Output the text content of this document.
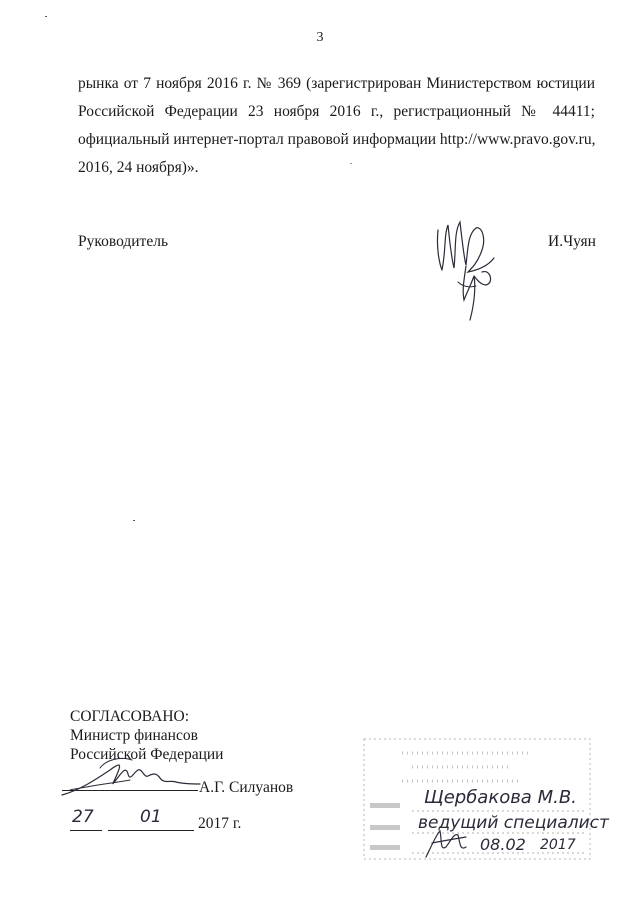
3
рынка от 7 ноября 2016 г. № 369 (зарегистрирован Министерством юстиции
Российской Федерации 23 ноября 2016 г., регистрационный № 44411;
официальный интернет-портал правовой информации http://www.pravo.gov.ru,
2016, 24 ноября)».
Руководитель	И.Чуян
СОГЛАСОВАНО:
Министр финансов
Российской Федерации
А.Г. Силуанов
27	01 2017 г.
Щербакова М.В.
ведущий специалист
08.02 2017
